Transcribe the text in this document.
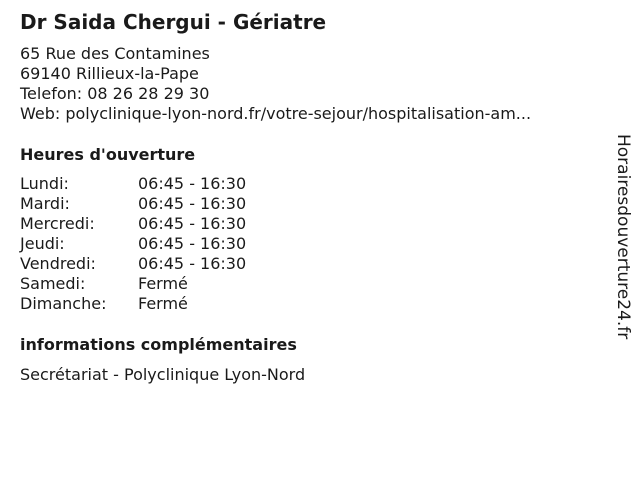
Dr Saida Chergui - Gériatre
65 Rue des Contamines
69140 Rillieux-la-Pape
Telefon: 08 26 28 29 30
Web: polyclinique-lyon-nord.fr/votre-sejour/hospitalisation-am...
Heures d'ouverture
Lundi:	06:45 - 16:30
Mardi:	06:45 - 16:30
Mercredi:	06:45 - 16:30
Jeudi:	06:45 - 16:30
Vendredi:	06:45 - 16:30
Samedi:	Fermé
Dimanche:	Fermé
informations complémentaires
Secrétariat - Polyclinique Lyon-Nord
Horairesdouverture24.fr
